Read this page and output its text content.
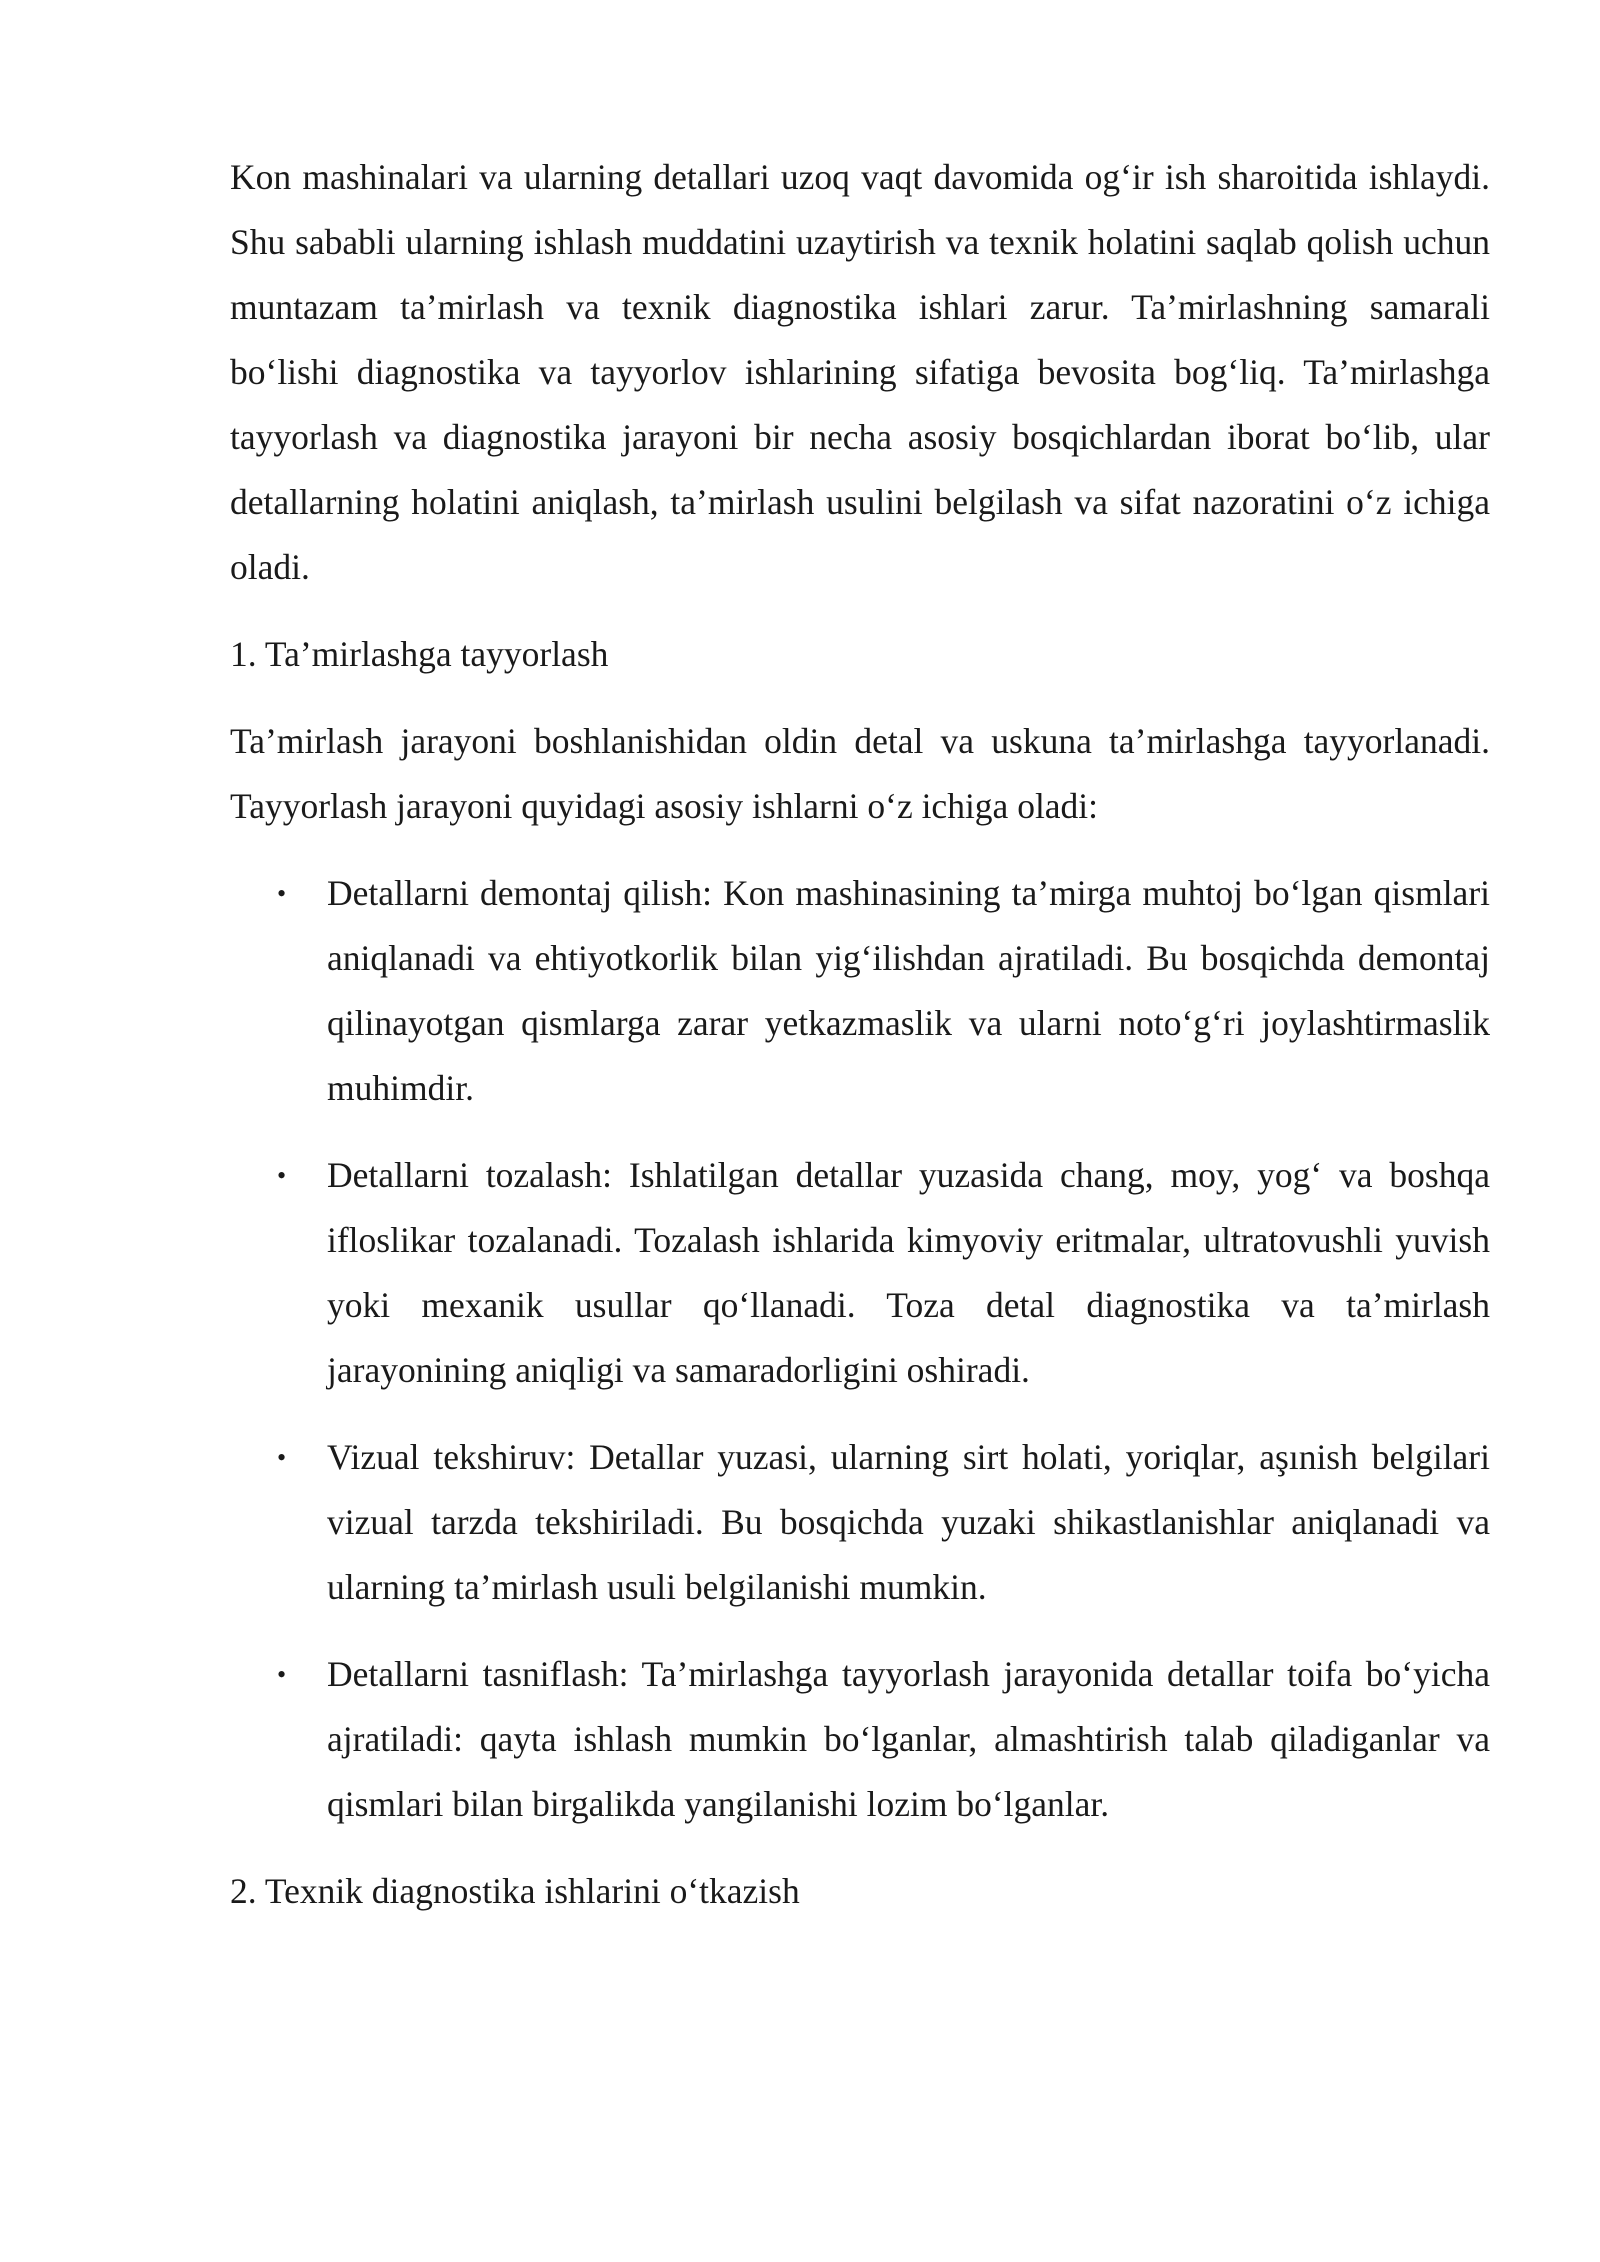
Kon mashinalari va ularning detallari uzoq vaqt davomida og‘ir ish sharoitida ishlaydi. Shu sababli ularning ishlash muddatini uzaytirish va texnik holatini saqlab qolish uchun muntazam ta’mirlash va texnik diagnostika ishlari zarur. Ta’mirlashning samarali bo‘lishi diagnostika va tayyorlov ishlarining sifatiga bevosita bog‘liq. Ta’mirlashga tayyorlash va diagnostika jarayoni bir necha asosiy bosqichlardan iborat bo‘lib, ular detallarning holatini aniqlash, ta’mirlash usulini belgilash va sifat nazoratini o‘z ichiga oladi.

1. Ta’mirlashga tayyorlash

Ta’mirlash jarayoni boshlanishidan oldin detal va uskuna ta’mirlashga tayyorlanadi. Tayyorlash jarayoni quyidagi asosiy ishlarni o‘z ichiga oladi:

• Detallarni demontaj qilish: Kon mashinasining ta’mirga muhtoj bo‘lgan qismlari aniqlanadi va ehtiyotkorlik bilan yig‘ilishdan ajratiladi. Bu bosqichda demontaj qilinayotgan qismlarga zarar yetkazmaslik va ularni noto‘g‘ri joylashtirmaslik muhimdir.
• Detallarni tozalash: Ishlatilgan detallar yuzasida chang, moy, yog‘ va boshqa ifloslikar tozalanadi. Tozalash ishlarida kimyoviy eritmalar, ultratovushli yuvish yoki mexanik usullar qo‘llanadi. Toza detal diagnostika va ta’mirlash jarayonining aniqligi va samaradorligini oshiradi.
• Vizual tekshiruv: Detallar yuzasi, ularning sirt holati, yoriqlar, aşınish belgilari vizual tarzda tekshiriladi. Bu bosqichda yuzaki shikastlanishlar aniqlanadi va ularning ta’mirlash usuli belgilanishi mumkin.
• Detallarni tasniflash: Ta’mirlashga tayyorlash jarayonida detallar toifa bo‘yicha ajratiladi: qayta ishlash mumkin bo‘lganlar, almashtirish talab qiladiganlar va qismlari bilan birgalikda yangilanishi lozim bo‘lganlar.

2. Texnik diagnostika ishlarini o‘tkazish
